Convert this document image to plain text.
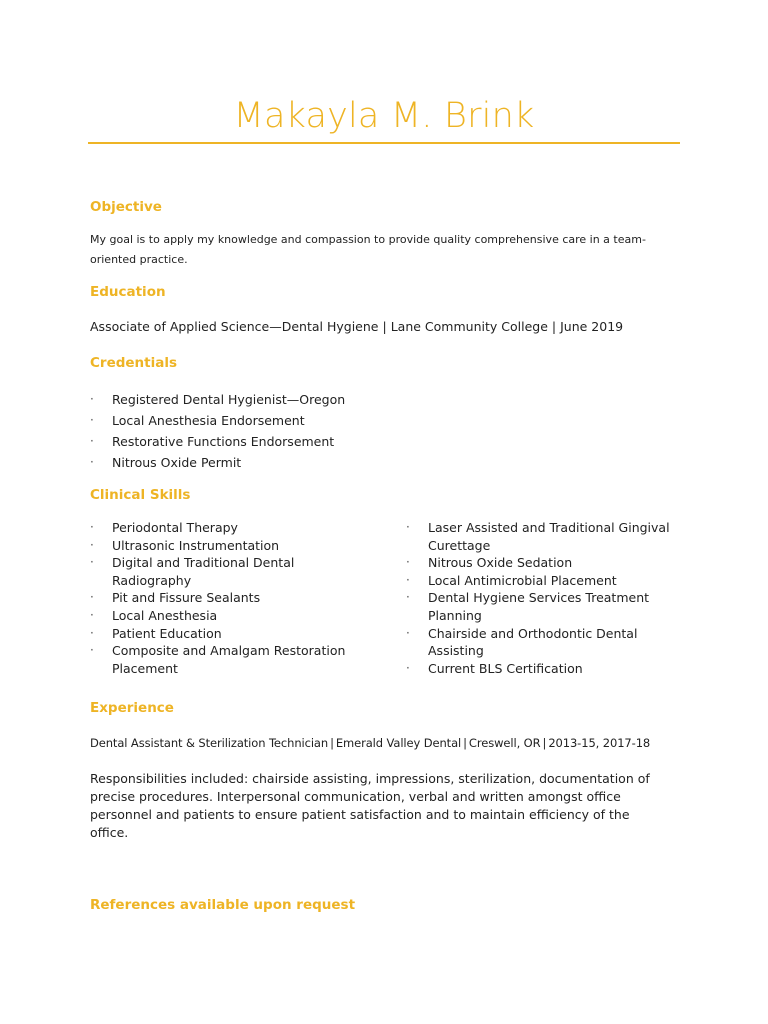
Makayla M. Brink
Objective
My goal is to apply my knowledge and compassion to provide quality comprehensive care in a team-oriented practice.
Education
Associate of Applied Science—Dental Hygiene | Lane Community College | June 2019
Credentials
· Registered Dental Hygienist—Oregon
· Local Anesthesia Endorsement
· Restorative Functions Endorsement
· Nitrous Oxide Permit
Clinical Skills
· Periodontal Therapy
· Ultrasonic Instrumentation
· Digital and Traditional Dental Radiography
· Pit and Fissure Sealants
· Local Anesthesia
· Patient Education
· Composite and Amalgam Restoration Placement
· Laser Assisted and Traditional Gingival Curettage
· Nitrous Oxide Sedation
· Local Antimicrobial Placement
· Dental Hygiene Services Treatment Planning
· Chairside and Orthodontic Dental Assisting
· Current BLS Certification
Experience
Dental Assistant & Sterilization Technician | Emerald Valley Dental | Creswell, OR | 2013-15, 2017-18
Responsibilities included: chairside assisting, impressions, sterilization, documentation of precise procedures. Interpersonal communication, verbal and written amongst office personnel and patients to ensure patient satisfaction and to maintain efficiency of the office.
References available upon request
